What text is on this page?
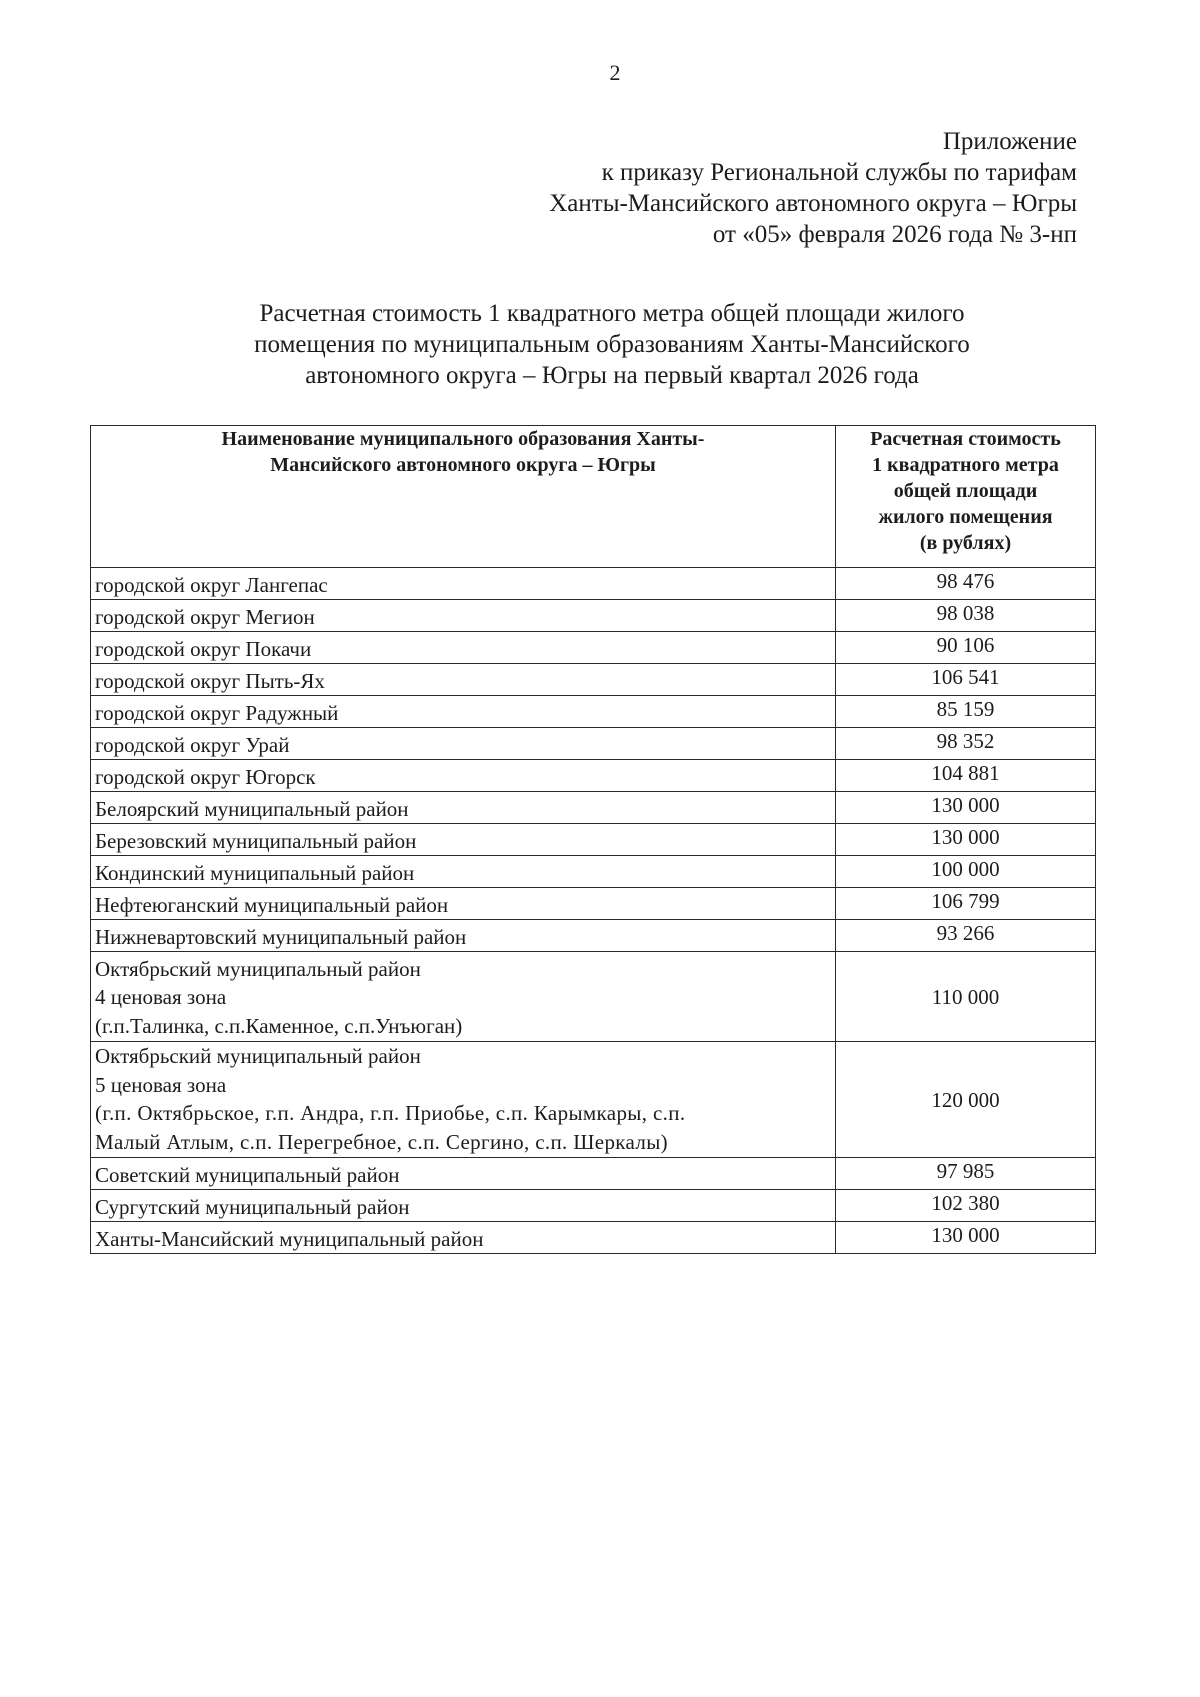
2
Приложение
к приказу Региональной службы по тарифам
Ханты-Мансийского автономного округа – Югры
от «05» февраля 2026 года № 3-нп
Расчетная стоимость 1 квадратного метра общей площади жилого
помещения по муниципальным образованиям Ханты-Мансийского
автономного округа – Югры на первый квартал 2026 года
Наименование муниципального образования Ханты-
Мансийского автономного округа – Югры	Расчетная стоимость
1 квадратного метра
общей площади
жилого помещения
(в рублях)

городской округ Лангепас	98 476
городской округ Мегион	98 038
городской округ Покачи	90 106
городской округ Пыть-Ях	106 541
городской округ Радужный	85 159
городской округ Урай	98 352
городской округ Югорск	104 881
Белоярский муниципальный район	130 000
Березовский муниципальный район	130 000
Кондинский муниципальный район	100 000
Нефтеюганский муниципальный район	106 799
Нижневартовский муниципальный район	93 266

Октябрьский муниципальный район
4 ценовая зона
(г.п.Талинка, с.п.Каменное, с.п.Унъюган)	110 000

Октябрьский муниципальный район
5 ценовая зона
(г.п. Октябрьское, г.п. Андра, г.п. Приобье, с.п. Карымкары, с.п.
Малый Атлым, с.п. Перегребное, с.п. Сергино, с.п. Шеркалы)	120 000
Советский муниципальный район	97 985
Сургутский муниципальный район	102 380
Ханты-Мансийский муниципальный район	130 000
